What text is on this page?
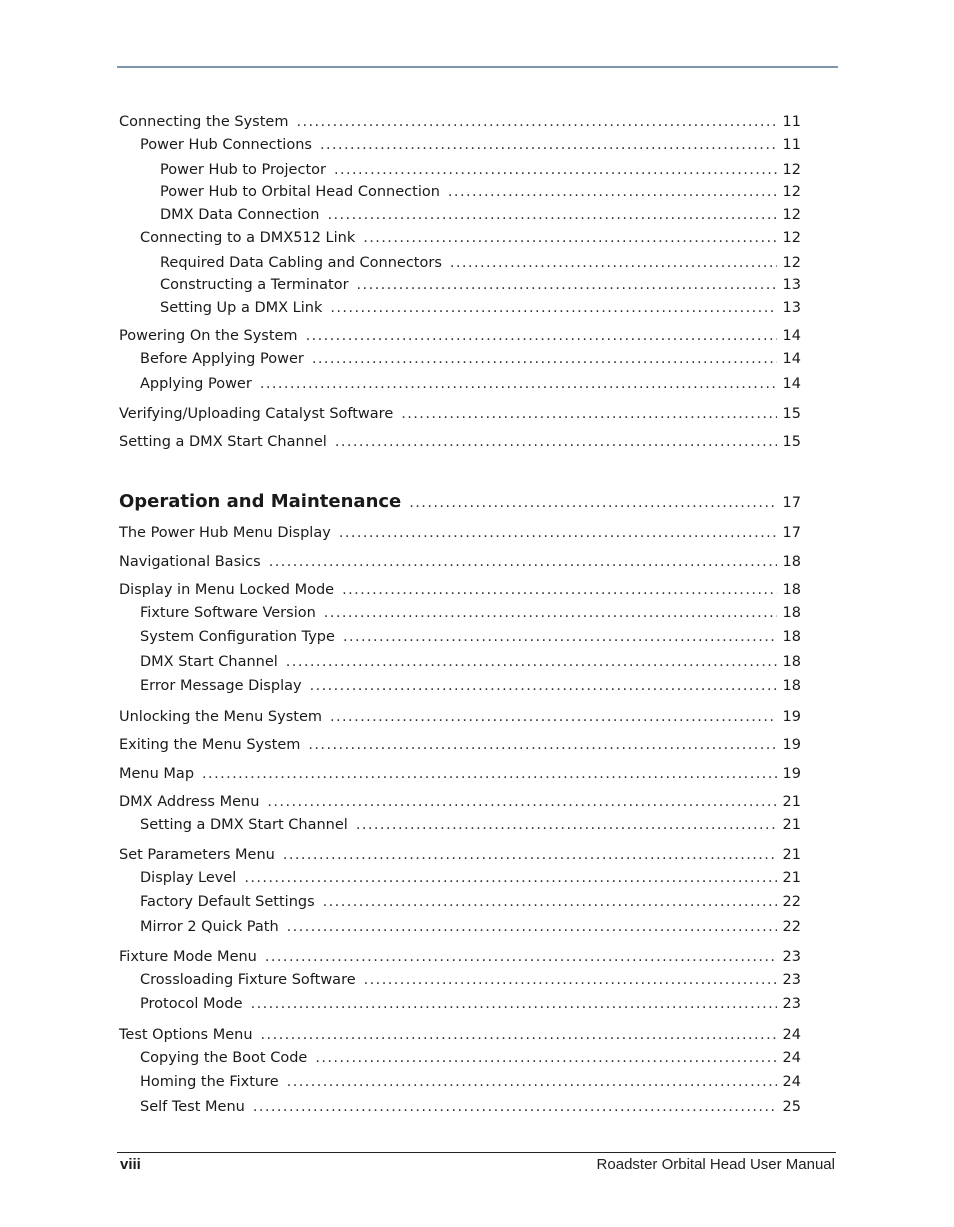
Connecting the System . . .	11
Power Hub Connections . . .	11
Power Hub to Projector . . .	12
Power Hub to Orbital Head Connection . . .	12
DMX Data Connection . . .	12
Connecting to a DMX512 Link . . .	12
Required Data Cabling and Connectors . . .	12
Constructing a Terminator . . .	13
Setting Up a DMX Link . . .	13
Powering On the System . . .	14
Before Applying Power . . .	14
Applying Power . . .	14
Verifying/Uploading Catalyst Software . . .	15
Setting a DMX Start Channel . . .	15
Operation and Maintenance . . .	17
The Power Hub Menu Display . . .	17
Navigational Basics . . .	18
Display in Menu Locked Mode . . .	18
Fixture Software Version . . .	18
System Configuration Type . . .	18
DMX Start Channel . . .	18
Error Message Display . . .	18
Unlocking the Menu System . . .	19
Exiting the Menu System . . .	19
Menu Map . . .	19
DMX Address Menu . . .	21
Setting a DMX Start Channel . . .	21
Set Parameters Menu . . .	21
Display Level . . .	21
Factory Default Settings . . .	22
Mirror 2 Quick Path . . .	22
Fixture Mode Menu . . .	23
Crossloading Fixture Software . . .	23
Protocol Mode . . .	23
Test Options Menu . . .	24
Copying the Boot Code . . .	24
Homing the Fixture . . .	24
Self Test Menu . . .	25
viii	Roadster Orbital Head User Manual
